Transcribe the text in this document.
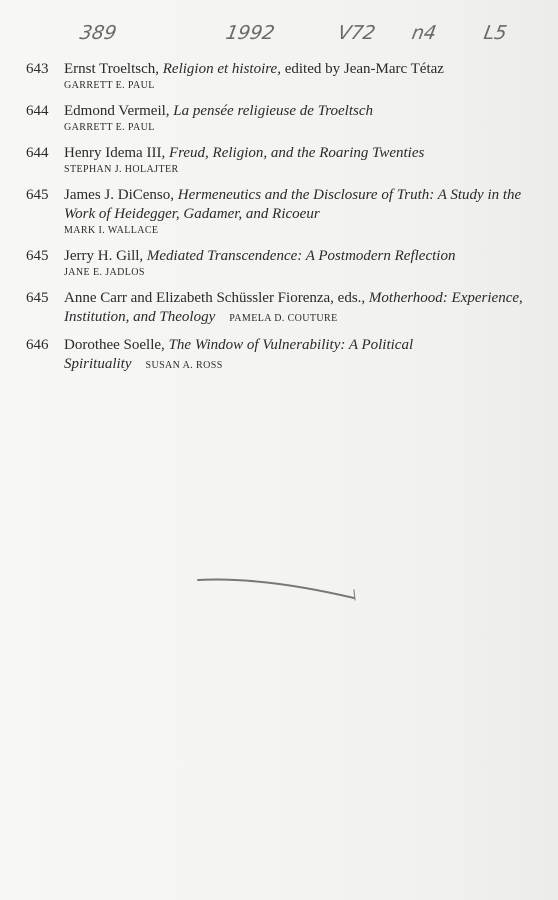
389	1992	V72 n4 L5
643	Ernst Troeltsch, Religion et histoire, edited by Jean-Marc Tétaz
GARRETT E. PAUL
644	Edmond Vermeil, La pensée religieuse de Troeltsch
GARRETT E. PAUL
644	Henry Idema III, Freud, Religion, and the Roaring Twenties
STEPHAN J. HOLAJTER
645	James J. DiCenso, Hermeneutics and the Disclosure of Truth: A Study in the Work of Heidegger, Gadamer, and Ricoeur
MARK I. WALLACE
645	Jerry H. Gill, Mediated Transcendence: A Postmodern Reflection
JANE E. JADLOS
645	Anne Carr and Elizabeth Schüssler Fiorenza, eds., Motherhood: Experience, Institution, and Theology PAMELA D. COUTURE
646	Dorothee Soelle, The Window of Vulnerability: A Political Spirituality SUSAN A. ROSS
